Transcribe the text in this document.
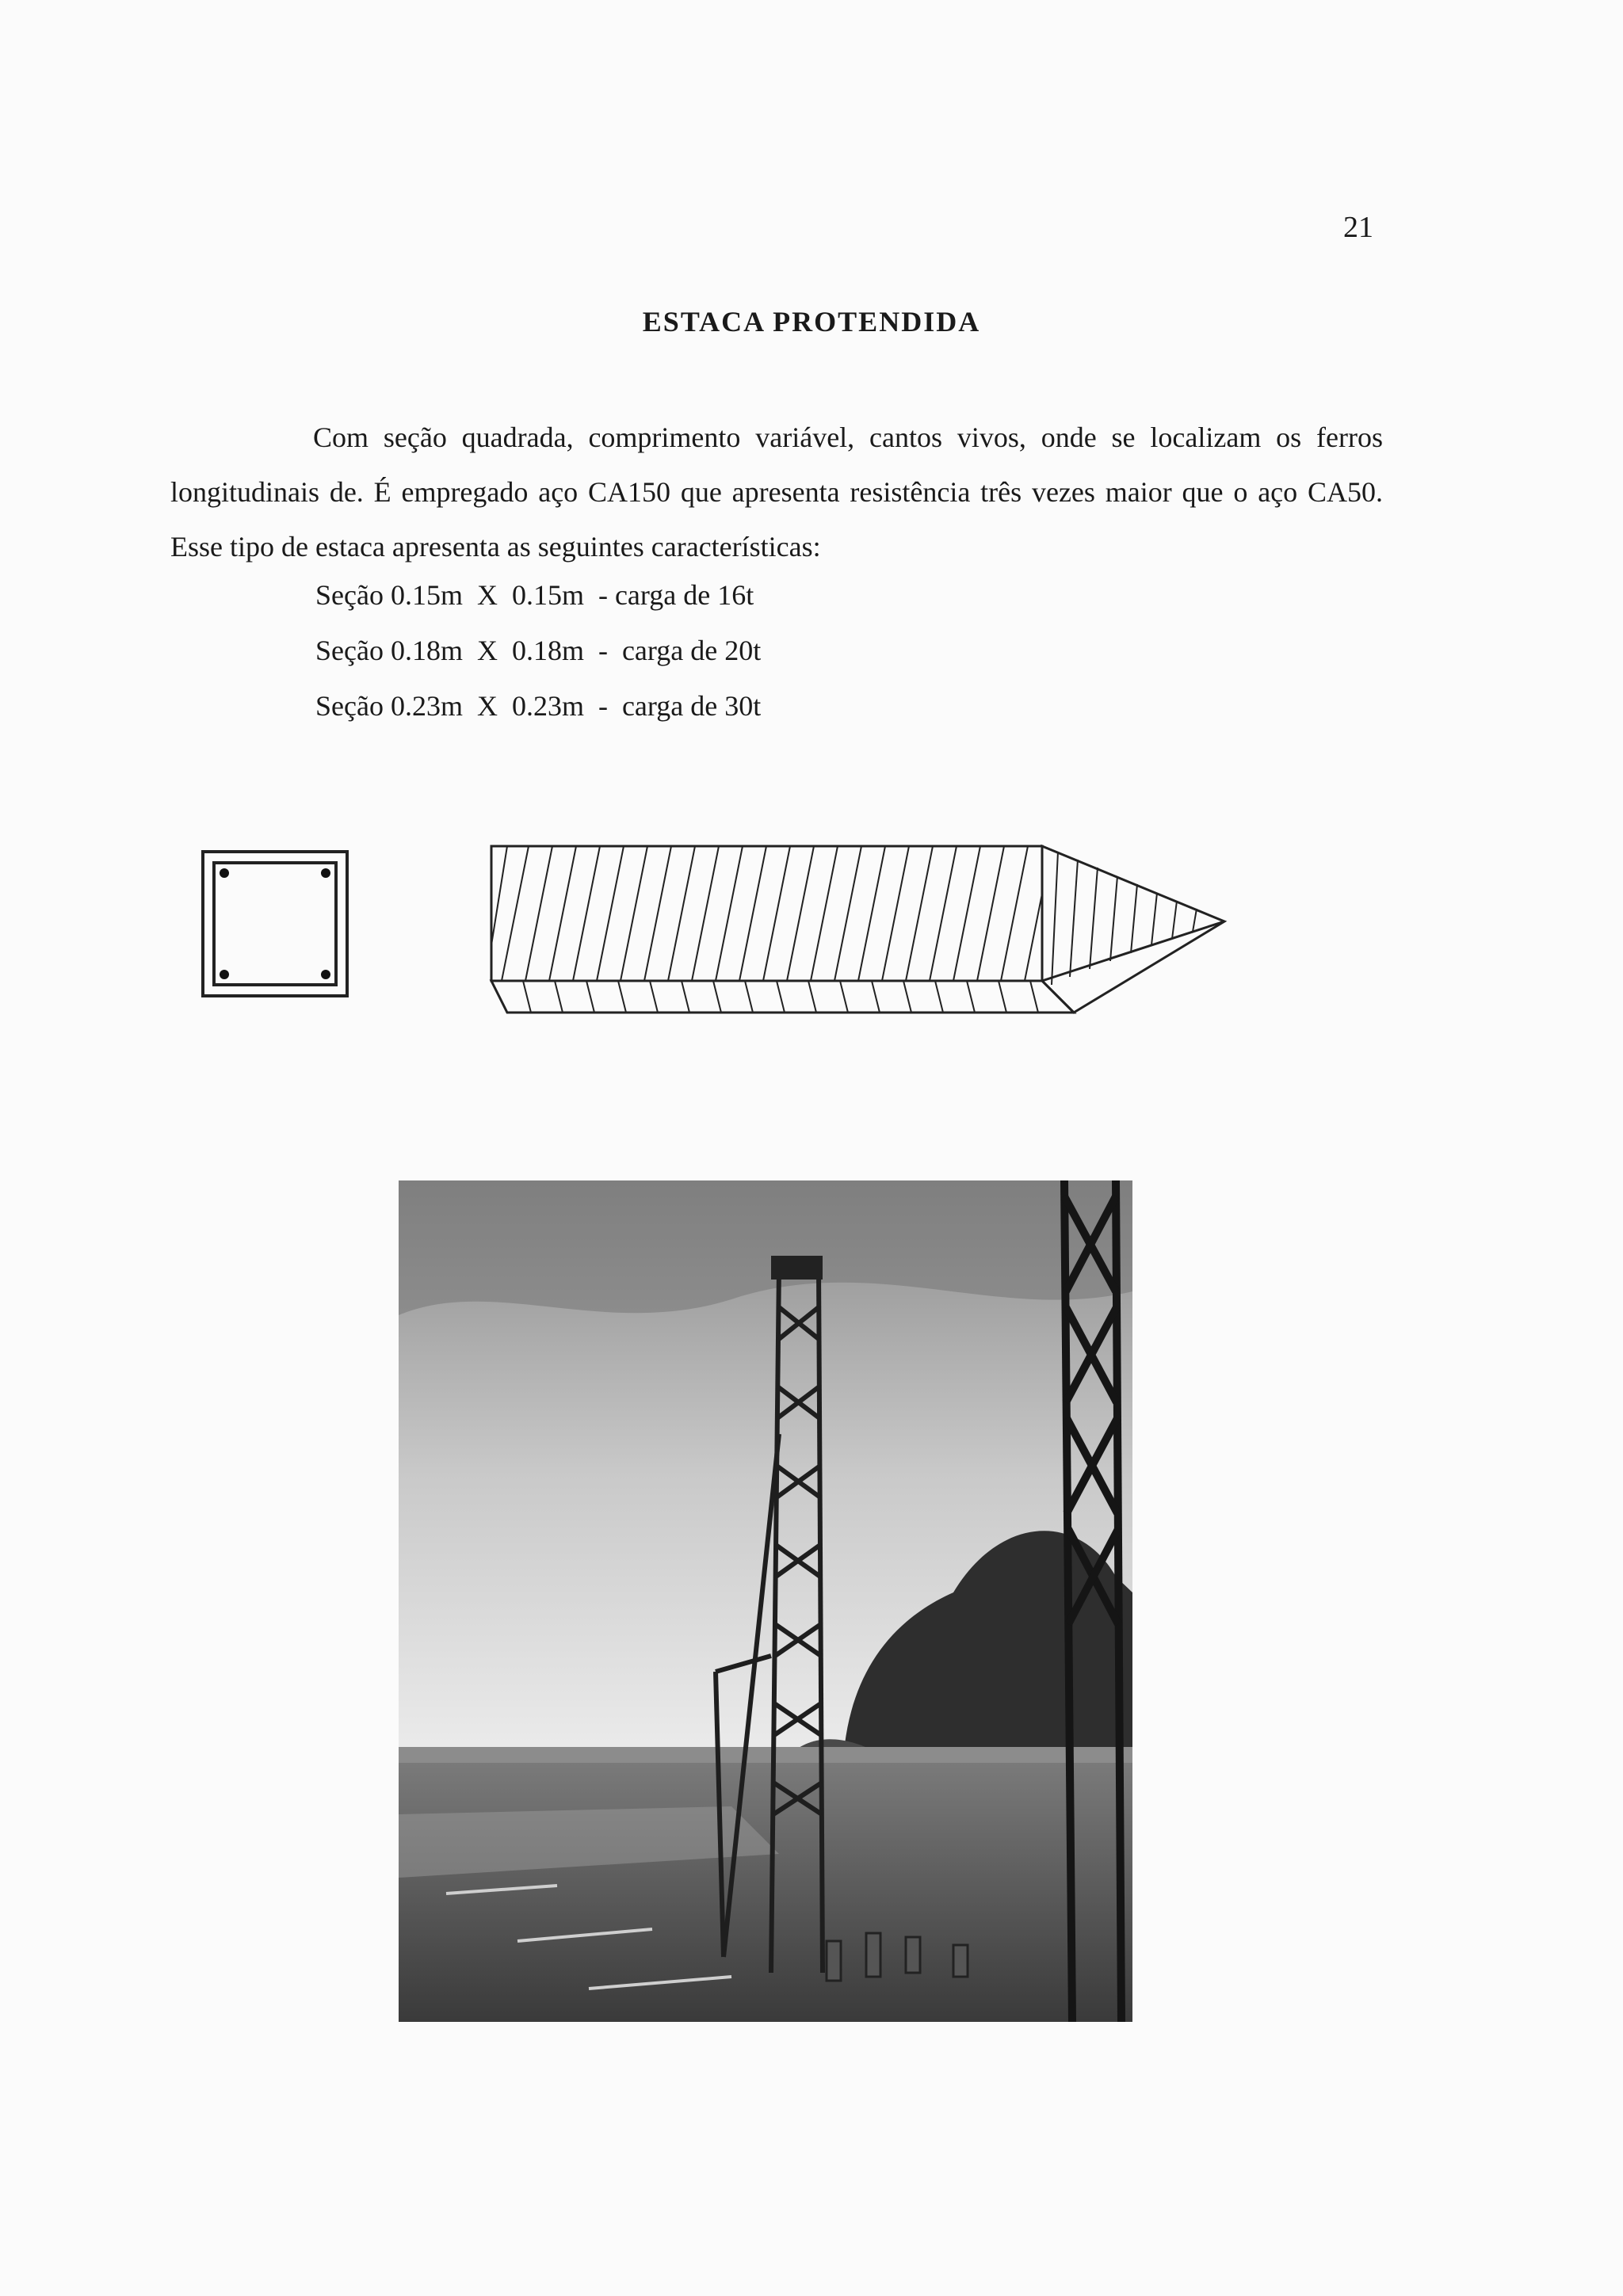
21
ESTACA PROTENDIDA
Com seção quadrada, comprimento variável, cantos vivos, onde se localizam os ferros longitudinais de. É empregado aço CA150 que apresenta resistência três vezes maior que o aço CA50. Esse tipo de estaca apresenta as seguintes características:
Seção 0.15m  X  0.15m  - carga de 16t
Seção 0.18m  X  0.18m  -  carga de 20t
Seção 0.23m  X  0.23m  -  carga de 30t
